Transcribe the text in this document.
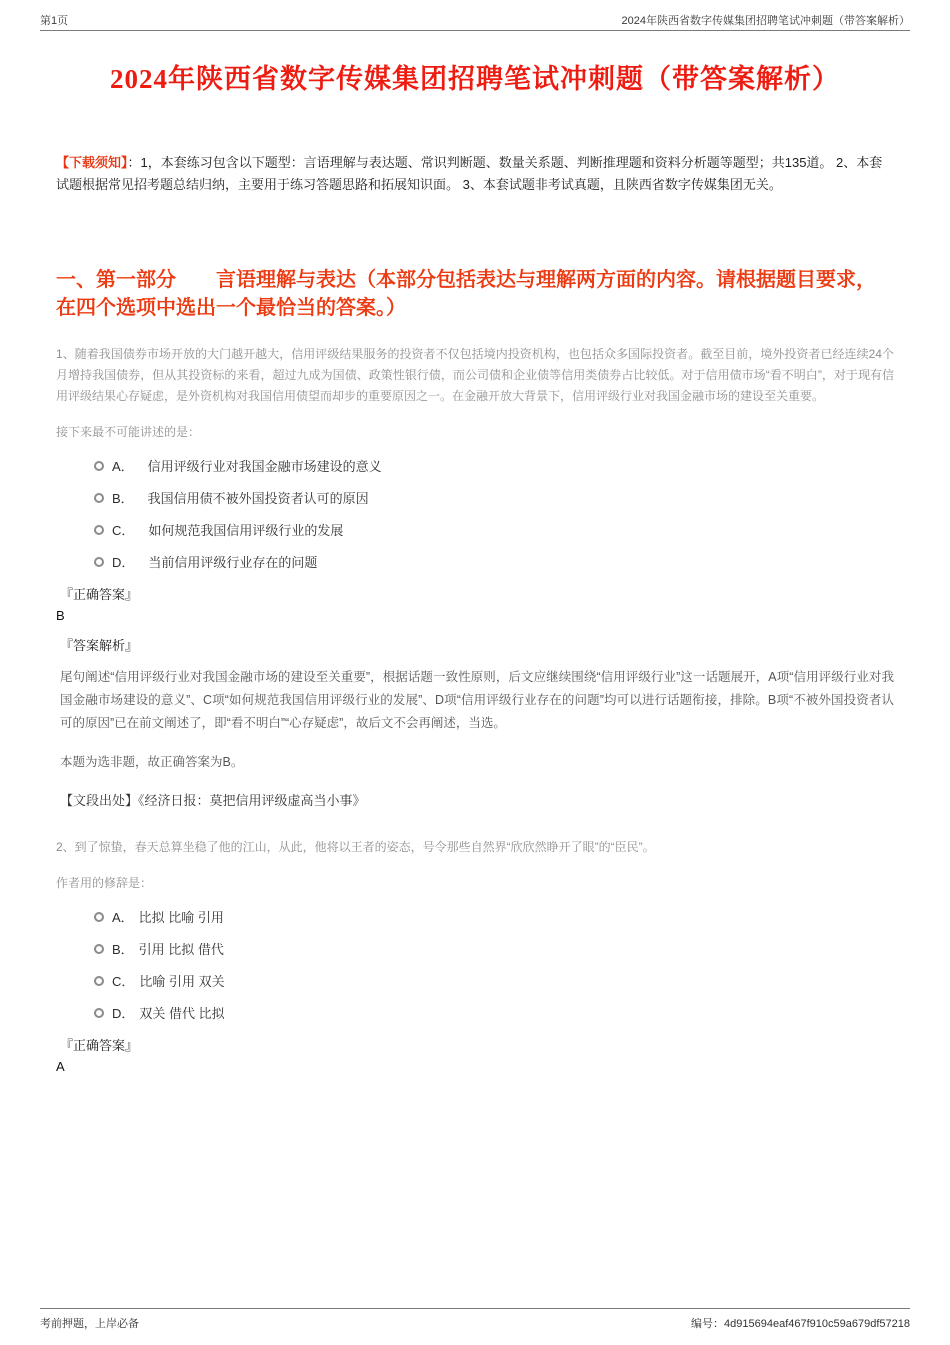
第1页	2024年陕西省数字传媒集团招聘笔试冲刺题（带答案解析）
2024年陕西省数字传媒集团招聘笔试冲刺题（带答案解析）

【下载须知】：1，本套练习包含以下题型：言语理解与表达题、常识判断题、数量关系题、判断推理题和资料分析题等题型；共135道。 2、本套试题根据常见招考题总结归纳，主要用于练习答题思路和拓展知识面。 3、本套试题非考试真题，且陕西省数字传媒集团无关。

一、第一部分　　言语理解与表达（本部分包括表达与理解两方面的内容。请根据题目要求，在四个选项中选出一个最恰当的答案。）

1、随着我国债券市场开放的大门越开越大，信用评级结果服务的投资者不仅包括境内投资机构，也包括众多国际投资者。截至目前，境外投资者已经连续24个月增持我国债券，但从其投资标的来看，超过九成为国债、政策性银行债，而公司债和企业债等信用类债券占比较低。对于信用债市场“看不明白”，对于现有信用评级结果心存疑虑，是外资机构对我国信用债望而却步的重要原因之一。在金融开放大背景下，信用评级行业对我国金融市场的建设至关重要。

接下来最不可能讲述的是：

A． 信用评级行业对我国金融市场建设的意义
B． 我国信用债不被外国投资者认可的原因
C． 如何规范我国信用评级行业的发展
D． 当前信用评级行业存在的问题

『正确答案』

B

『答案解析』

尾句阐述“信用评级行业对我国金融市场的建设至关重要”，根据话题一致性原则，后文应继续围绕“信用评级行业”这一话题展开，A项“信用评级行业对我国金融市场建设的意义”、C项“如何规范我国信用评级行业的发展”、D项“信用评级行业存在的问题”均可以进行话题衔接，排除。B项“不被外国投资者认可的原因”已在前文阐述了，即“看不明白”“心存疑虑”，故后文不会再阐述，当选。

本题为选非题，故正确答案为B。

【文段出处】《经济日报：莫把信用评级虚高当小事》

2、到了惊蛰，春天总算坐稳了他的江山，从此，他将以王者的姿态，号令那些自然界“欣欣然睁开了眼”的“臣民”。

作者用的修辞是：

A． 比拟 比喻 引用
B． 引用 比拟 借代
C． 比喻 引用 双关
D． 双关 借代 比拟

『正确答案』

A

考前押题，上岸必备	编号：4d915694eaf467f910c59a679df57218
